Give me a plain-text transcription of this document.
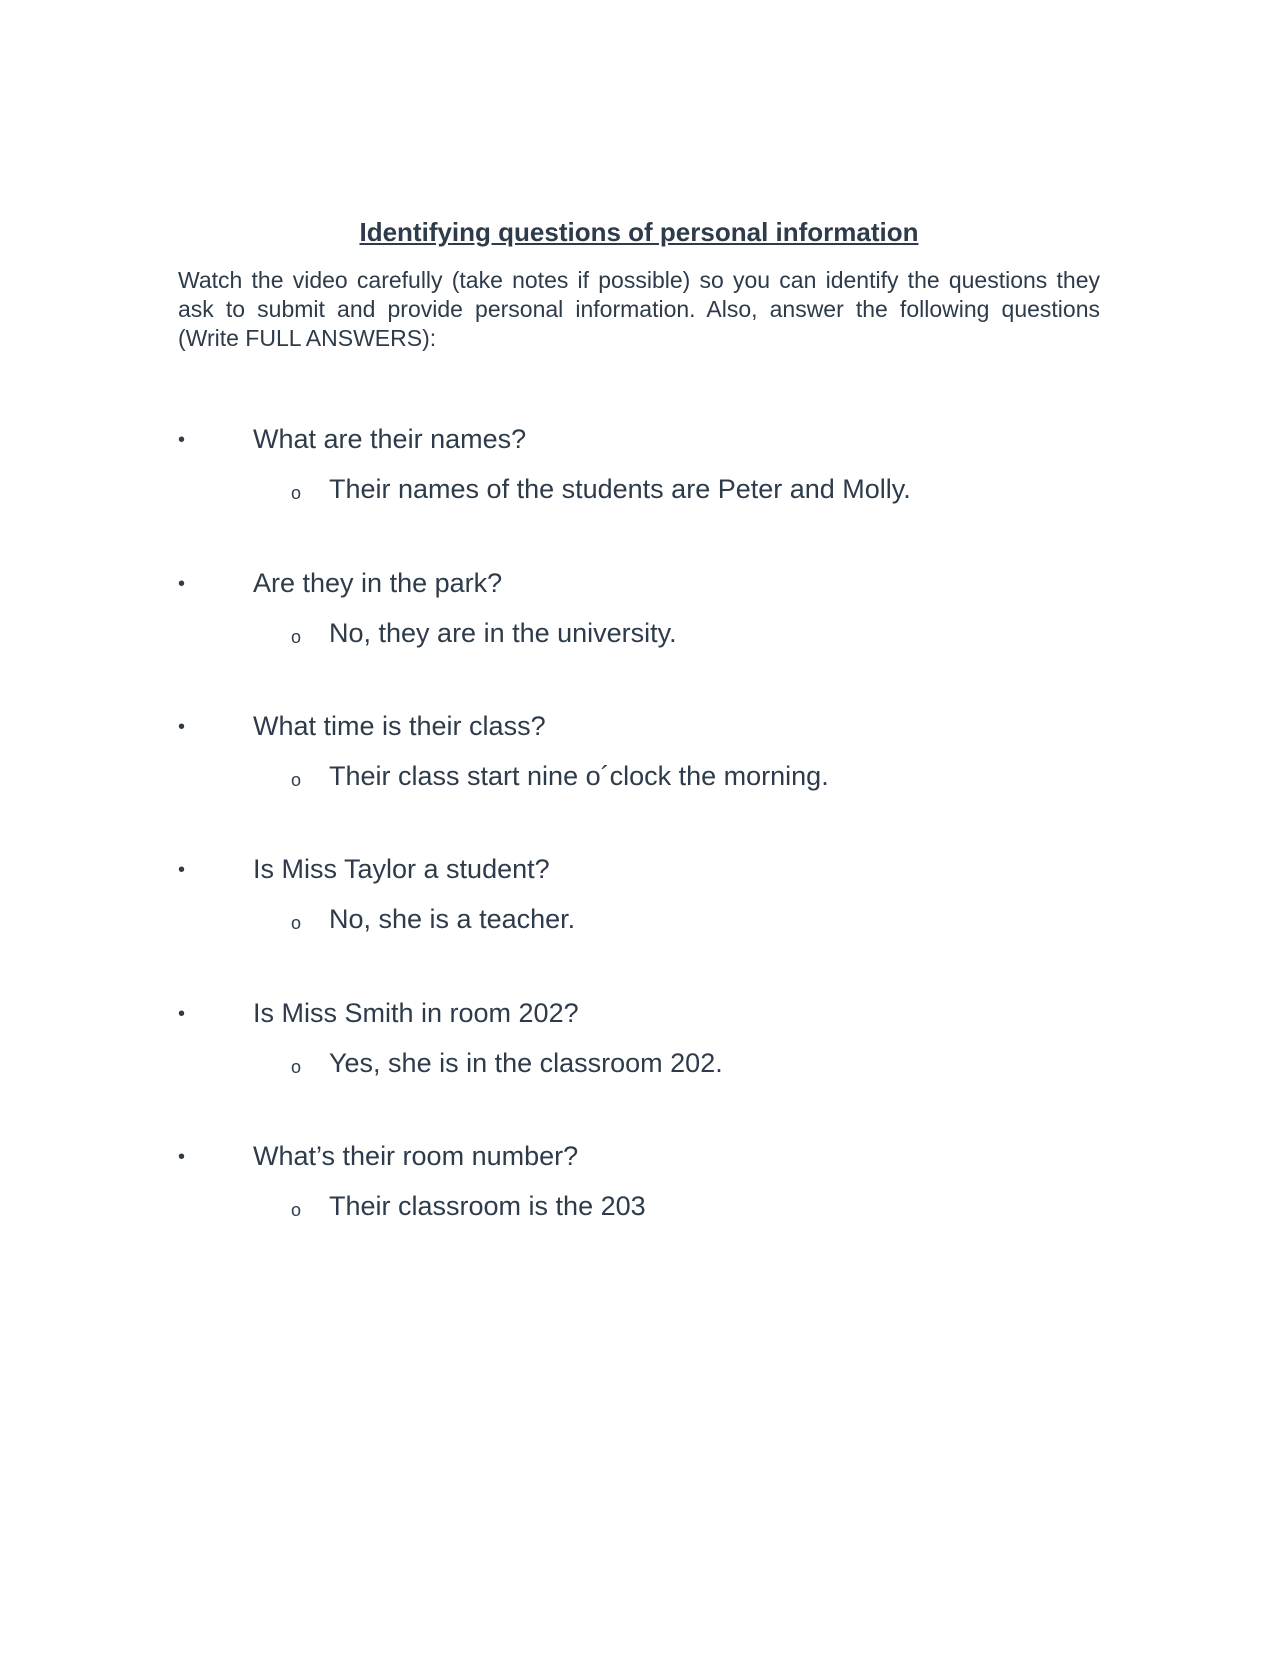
Identifying questions of personal information

Watch the video carefully (take notes if possible) so you can identify the questions they ask to submit and provide personal information. Also, answer the following questions (Write FULL ANSWERS):

•	What are their names?
o Their names of the students are Peter and Molly.
•	Are they in the park?
o No, they are in the university.
•	What time is their class?
o Their class start nine o´clock the morning.
•	Is Miss Taylor a student?
o No, she is a teacher.
•	Is Miss Smith in room 202?
o Yes, she is in the classroom 202.
•	What’s their room number?
o Their classroom is the 203
